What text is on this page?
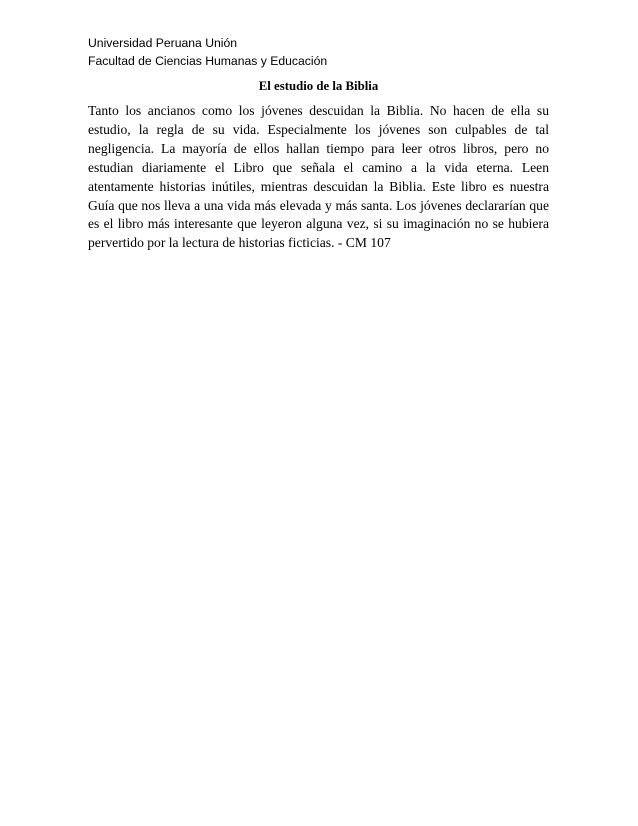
Universidad Peruana Unión
Facultad de Ciencias Humanas y Educación
El estudio de la Biblia

Tanto los ancianos como los jóvenes descuidan la Biblia. No hacen de ella su estudio, la regla de su vida. Especialmente los jóvenes son culpables de tal negligencia. La mayoría de ellos hallan tiempo para leer otros libros, pero no estudian diariamente el Libro que señala el camino a la vida eterna. Leen atentamente historias inútiles, mientras descuidan la Biblia. Este libro es nuestra Guía que nos lleva a una vida más elevada y más santa. Los jóvenes declararían que es el libro más interesante que leyeron alguna vez, si su imaginación no se hubiera pervertido por la lectura de historias ficticias. - CM 107
